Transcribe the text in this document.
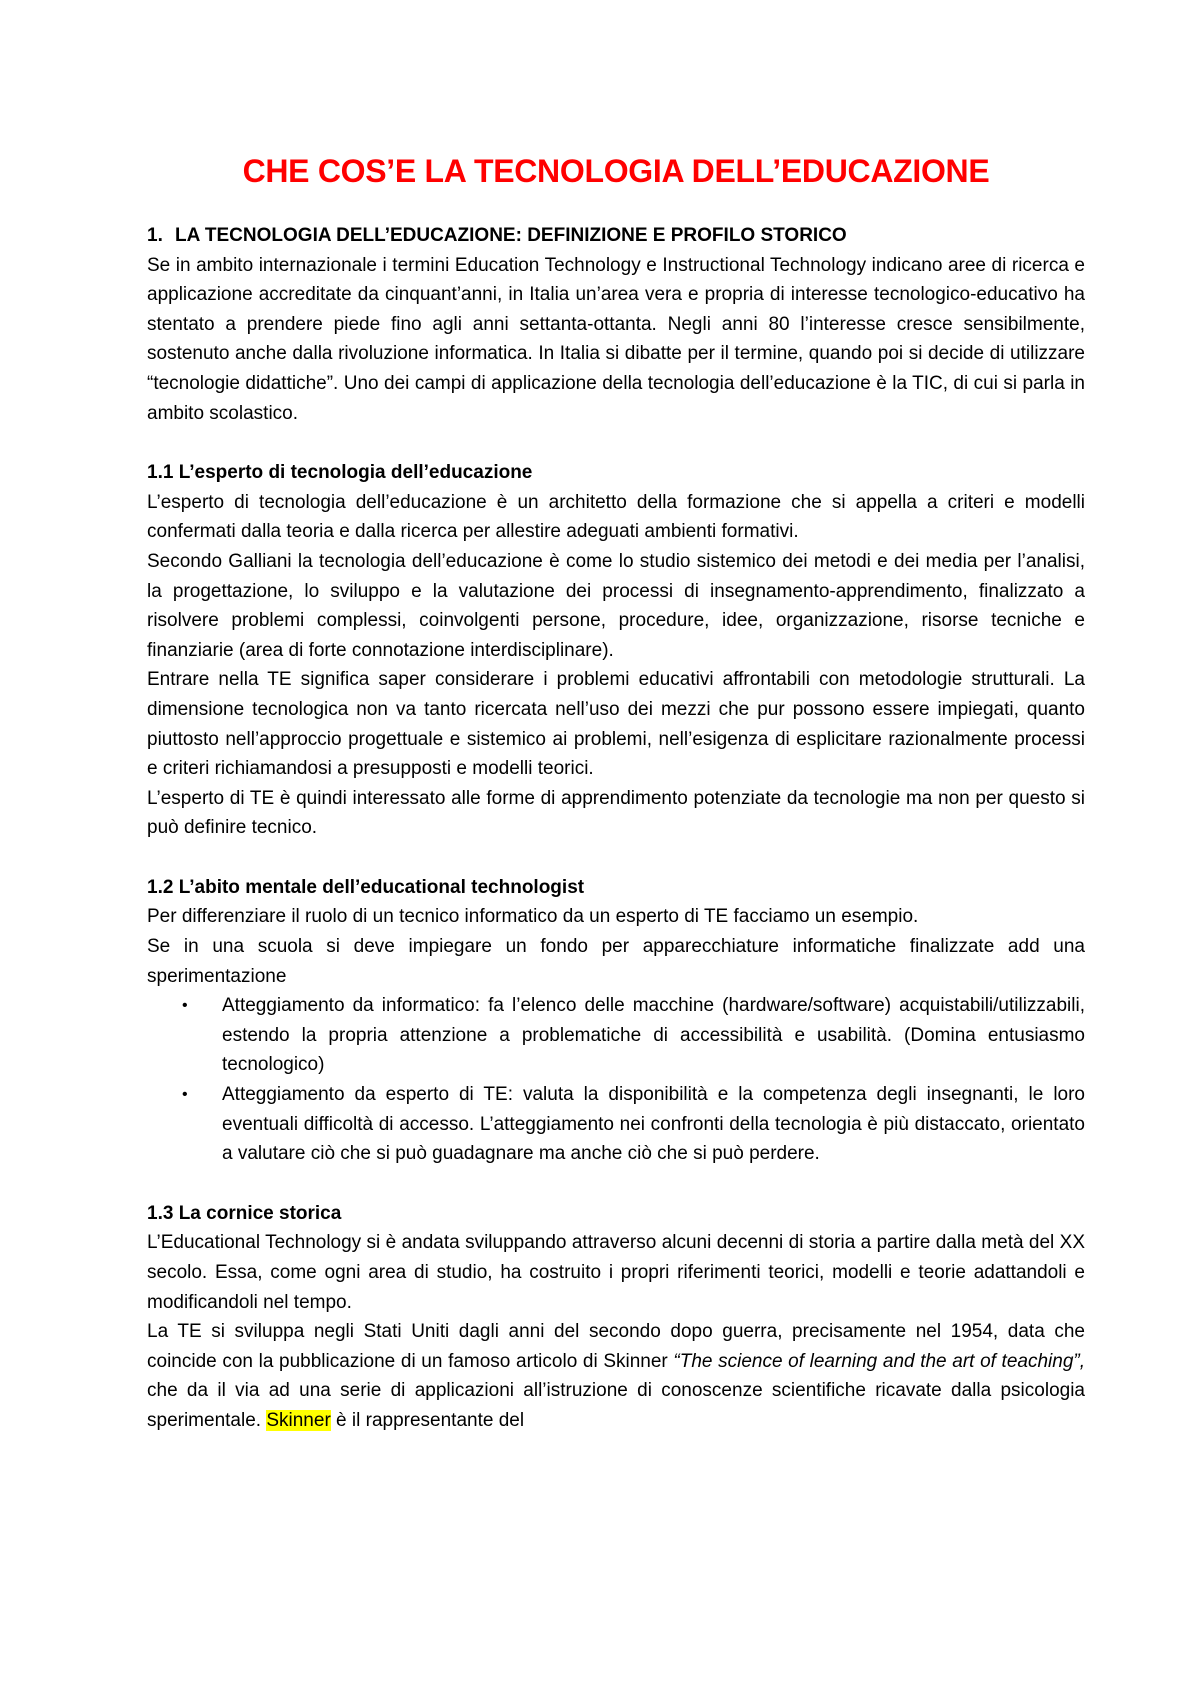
CHE COS’E LA TECNOLOGIA DELL’EDUCAZIONE

1. LA TECNOLOGIA DELL’EDUCAZIONE: DEFINIZIONE E PROFILO STORICO

Se in ambito internazionale i termini Education Technology e Instructional Technology indicano aree di ricerca e applicazione accreditate da cinquant’anni, in Italia un’area vera e propria di interesse tecnologico-educativo ha stentato a prendere piede fino agli anni settanta-ottanta. Negli anni 80 l’interesse cresce sensibilmente, sostenuto anche dalla rivoluzione informatica. In Italia si dibatte per il termine, quando poi si decide di utilizzare “tecnologie didattiche”. Uno dei campi di applicazione della tecnologia dell’educazione è la TIC, di cui si parla in ambito scolastico.

1.1 L’esperto di tecnologia dell’educazione

L’esperto di tecnologia dell’educazione è un architetto della formazione che si appella a criteri e modelli confermati dalla teoria e dalla ricerca per allestire adeguati ambienti formativi.

Secondo Galliani la tecnologia dell’educazione è come lo studio sistemico dei metodi e dei media per l’analisi, la progettazione, lo sviluppo e la valutazione dei processi di insegnamento-apprendimento, finalizzato a risolvere problemi complessi, coinvolgenti persone, procedure, idee, organizzazione, risorse tecniche e finanziarie (area di forte connotazione interdisciplinare).

Entrare nella TE significa saper considerare i problemi educativi affrontabili con metodologie strutturali. La dimensione tecnologica non va tanto ricercata nell’uso dei mezzi che pur possono essere impiegati, quanto piuttosto nell’approccio progettuale e sistemico ai problemi, nell’esigenza di esplicitare razionalmente processi e criteri richiamandosi a presupposti e modelli teorici.

L’esperto di TE è quindi interessato alle forme di apprendimento potenziate da tecnologie ma non per questo si può definire tecnico.

1.2 L’abito mentale dell’educational technologist

Per differenziare il ruolo di un tecnico informatico da un esperto di TE facciamo un esempio.

Se in una scuola si deve impiegare un fondo per apparecchiature informatiche finalizzate add una sperimentazione

• Atteggiamento da informatico: fa l’elenco delle macchine (hardware/software) acquistabili/utilizzabili, estendo la propria attenzione a problematiche di accessibilità e usabilità. (Domina entusiasmo tecnologico)
• Atteggiamento da esperto di TE: valuta la disponibilità e la competenza degli insegnanti, le loro eventuali difficoltà di accesso. L’atteggiamento nei confronti della tecnologia è più distaccato, orientato a valutare ciò che si può guadagnare ma anche ciò che si può perdere.

1.3 La cornice storica

L’Educational Technology si è andata sviluppando attraverso alcuni decenni di storia a partire dalla metà del XX secolo. Essa, come ogni area di studio, ha costruito i propri riferimenti teorici, modelli e teorie adattandoli e modificandoli nel tempo.

La TE si sviluppa negli Stati Uniti dagli anni del secondo dopo guerra, precisamente nel 1954, data che coincide con la pubblicazione di un famoso articolo di Skinner “The science of learning and the art of teaching”, che da il via ad una serie di applicazioni all’istruzione di conoscenze scientifiche ricavate dalla psicologia sperimentale. Skinner è il rappresentante del
